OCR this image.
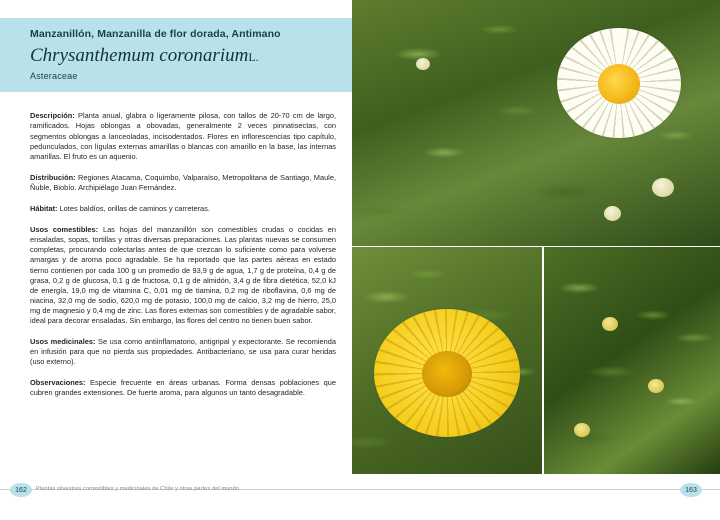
Manzanillón, Manzanilla de flor dorada, Antimano
Chrysanthemum coronariumL.
Asteraceae

Descripción: Planta anual, glabra o ligeramente pilosa, con tallos de 20-70 cm de largo, ramificados. Hojas oblongas a obovadas, generalmente 2 veces pinnatisectas, con segmentos oblongas a lanceoladas, incisodentados. Flores en inflorescencias tipo capítulo, pedunculados, con lígulas externas amarillas o blancas con amarillo en la base, las internas amarillas. El fruto es un aquenio.

Distribución: Regiones Atacama, Coquimbo, Valparaíso, Metropolitana de Santiago, Maule, Ñuble, Biobío. Archipiélago Juan Fernández.

Hábitat: Lotes baldíos, orillas de caminos y carreteras.

Usos comestibles: Las hojas del manzanillón son comestibles crudas o cocidas en ensaladas, sopas, tortillas y otras diversas preparaciones. Las plantas nuevas se consumen completas, procurando colectarlas antes de que crezcan lo suficiente como para volverse amargas y de aroma poco agradable. Se ha reportado que las partes aéreas en estado tierno contienen por cada 100 g un promedio de 93,9 g de agua, 1,7 g de proteína, 0,4 g de grasa, 0,2 g de glucosa, 0,1 g de fructosa, 0,1 g de almidón, 3,4 g de fibra dietética, 52,0 kJ de energía, 19,0 mg de vitamina C, 0,01 mg de tiamina, 0,2 mg de riboflavina, 0,6 mg de niacina, 32,0 mg de sodio, 620,0 mg de potasio, 100,0 mg de calcio, 3,2 mg de hierro, 25,0 mg de magnesio y 0,4 mg de zinc. Las flores externas son comestibles y de agradable sabor, ideal para decorar ensaladas. Sin embargo, las flores del centro no tienen buen sabor.

Usos medicinales: Se usa como antiinflamatorio, antigripal y expectorante. Se recomienda en infusión para que no pierda sus propiedades. Antibacteriano, se usa para curar heridas (uso externo).

Observaciones: Especie frecuente en áreas urbanas. Forma densas poblaciones que cubren grandes extensiones. De fuerte aroma, para algunos un tanto desagradable.

162	Plantas silvestres comestibles y medicinales de Chile y otras partes del mundo	163
